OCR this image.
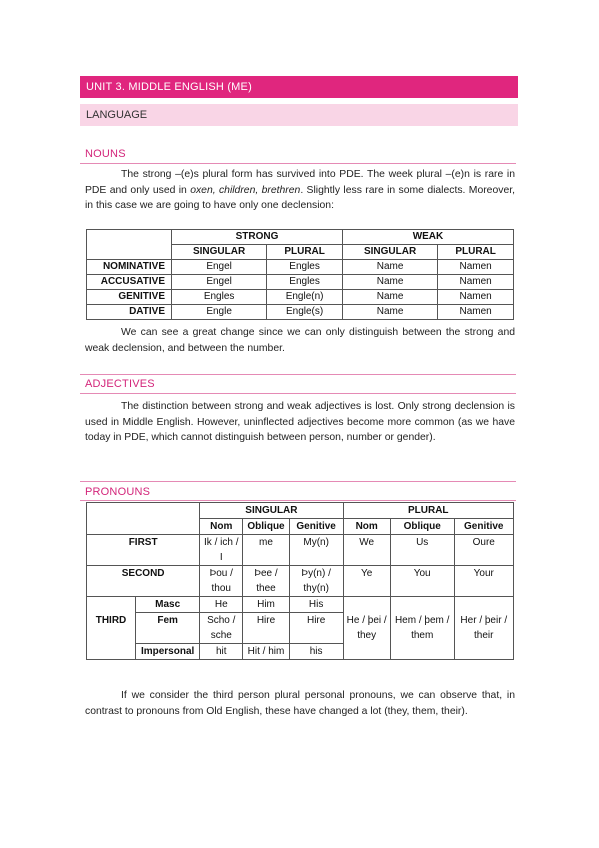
UNIT 3. MIDDLE ENGLISH (ME)
LANGUAGE
NOUNS

The strong –(e)s plural form has survived into PDE. The week plural –(e)n is rare in PDE and only used in oxen, children, brethren. Slightly less rare in some dialects. Moreover, in this case we are going to have only one declension:

	STRONG		WEAK	
	SINGULAR	PLURAL	SINGULAR	PLURAL
NOMINATIVE	Engel	Engles	Name	Namen
ACCUSATIVE	Engel	Engles	Name	Namen
GENITIVE	Engles	Engle(n)	Name	Namen
DATIVE	Engle	Engle(s)	Name	Namen

We can see a great change since we can only distinguish between the strong and weak declension, and between the number.

ADJECTIVES

The distinction between strong and weak adjectives is lost. Only strong declension is used in Middle English. However, uninflected adjectives become more common (as we have today in PDE, which cannot distinguish between person, number or gender).

PRONOUNS
		SINGULAR			PLURAL		
		Nom	Oblique	Genitive	Nom	Oblique	Genitive
FIRST		Ik / ich / I	me	My(n)	We	Us	Oure
SECOND		Þou / thou	Þee / thee	Þy(n) / thy(n)	Ye	You	Your
THIRD	Masc	He	Him	His	He / þei / they	Hem / þem / them	Her / þeir / their
	Fem	Scho / sche	Hire	Hire			
	Impersonal	hit	Hit / him	his			

If we consider the third person plural personal pronouns, we can observe that, in contrast to pronouns from Old English, these have changed a lot (they, them, their).
